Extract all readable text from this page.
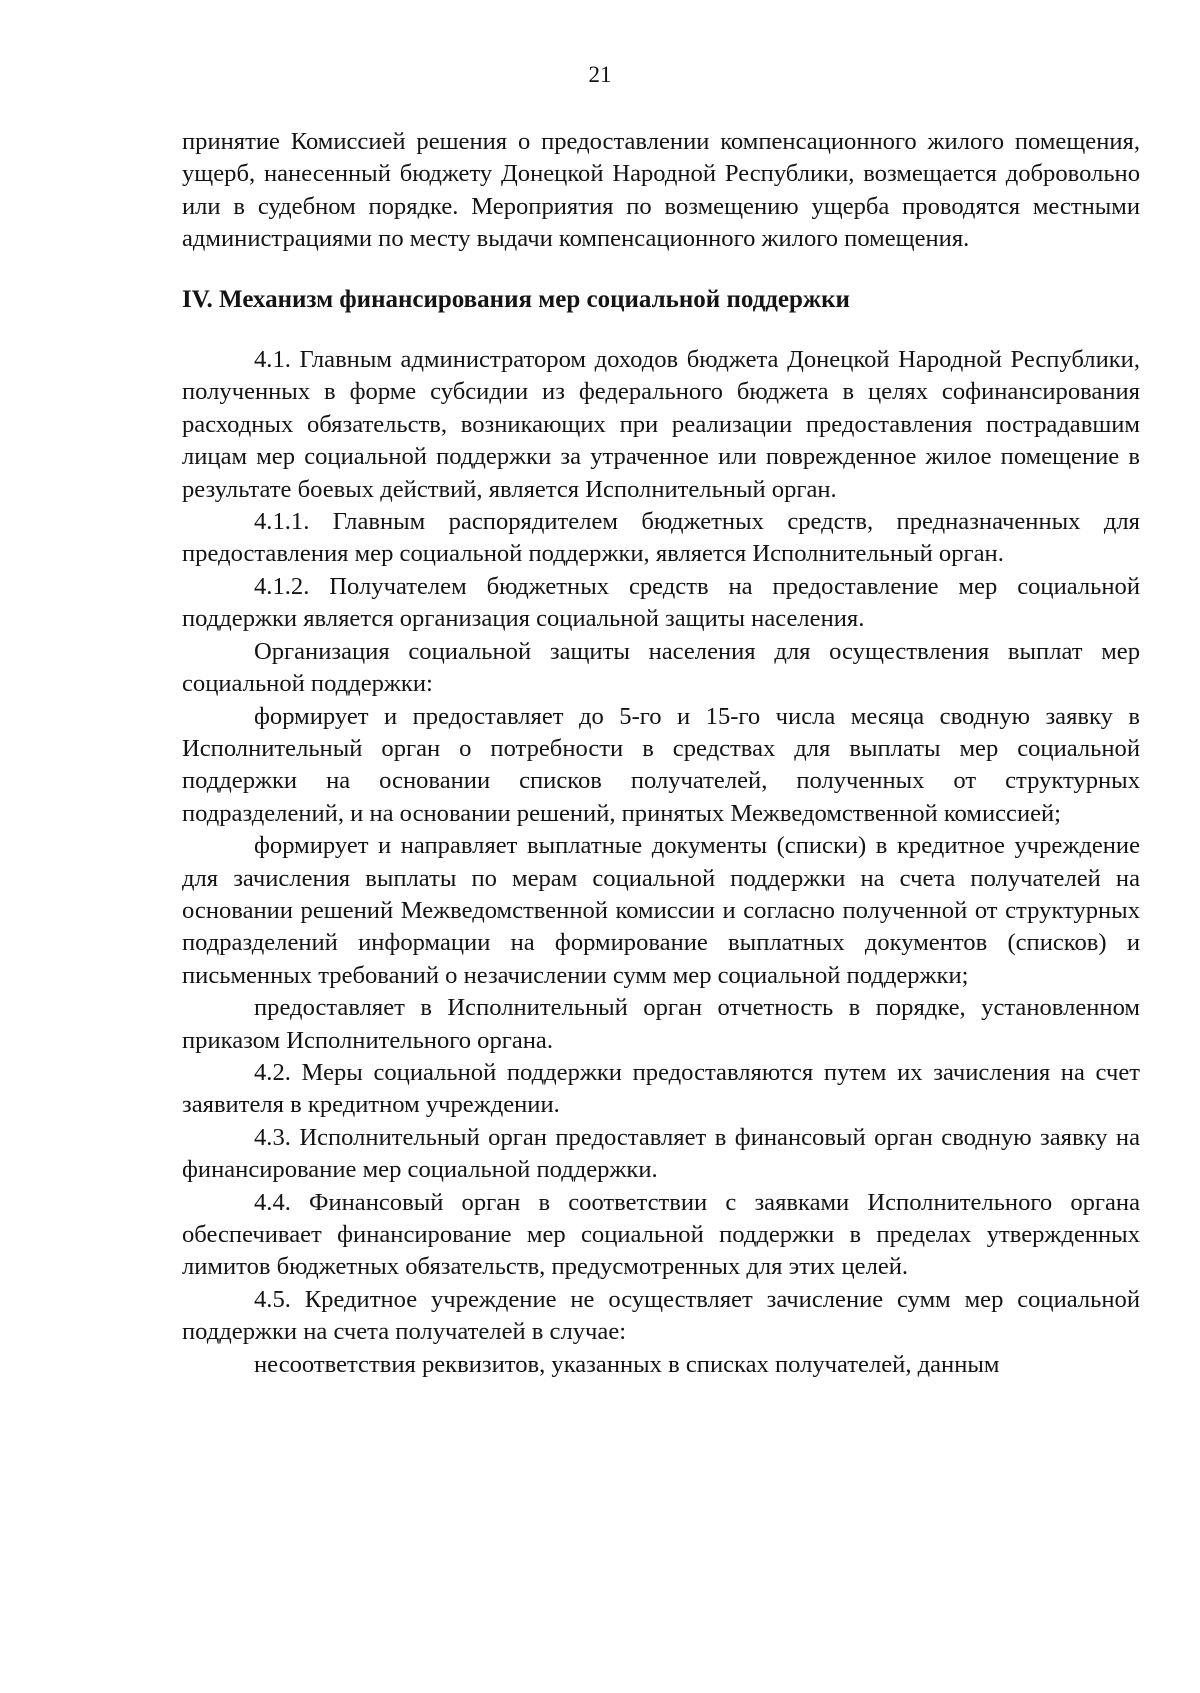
21

принятие Комиссией решения о предоставлении компенсационного жилого помещения, ущерб, нанесенный бюджету Донецкой Народной Республики, возмещается добровольно или в судебном порядке. Мероприятия по возмещению ущерба проводятся местными администрациями по месту выдачи компенсационного жилого помещения.

IV. Механизм финансирования мер социальной поддержки

4.1. Главным администратором доходов бюджета Донецкой Народной Республики, полученных в форме субсидии из федерального бюджета в целях софинансирования расходных обязательств, возникающих при реализации предоставления пострадавшим лицам мер социальной поддержки за утраченное или поврежденное жилое помещение в результате боевых действий, является Исполнительный орган.

4.1.1. Главным распорядителем бюджетных средств, предназначенных для предоставления мер социальной поддержки, является Исполнительный орган.

4.1.2. Получателем бюджетных средств на предоставление мер социальной поддержки является организация социальной защиты населения.

Организация социальной защиты населения для осуществления выплат мер социальной поддержки:

формирует и предоставляет до 5-го и 15-го числа месяца сводную заявку в Исполнительный орган о потребности в средствах для выплаты мер социальной поддержки на основании списков получателей, полученных от структурных подразделений, и на основании решений, принятых Межведомственной комиссией;

формирует и направляет выплатные документы (списки) в кредитное учреждение для зачисления выплаты по мерам социальной поддержки на счета получателей на основании решений Межведомственной комиссии и согласно полученной от структурных подразделений информации на формирование выплатных документов (списков) и письменных требований о незачислении сумм мер социальной поддержки;

предоставляет в Исполнительный орган отчетность в порядке, установленном приказом Исполнительного органа.

4.2. Меры социальной поддержки предоставляются путем их зачисления на счет заявителя в кредитном учреждении.

4.3. Исполнительный орган предоставляет в финансовый орган сводную заявку на финансирование мер социальной поддержки.

4.4. Финансовый орган в соответствии с заявками Исполнительного органа обеспечивает финансирование мер социальной поддержки в пределах утвержденных лимитов бюджетных обязательств, предусмотренных для этих целей.

4.5. Кредитное учреждение не осуществляет зачисление сумм мер социальной поддержки на счета получателей в случае:

несоответствия реквизитов, указанных в списках получателей, данным
